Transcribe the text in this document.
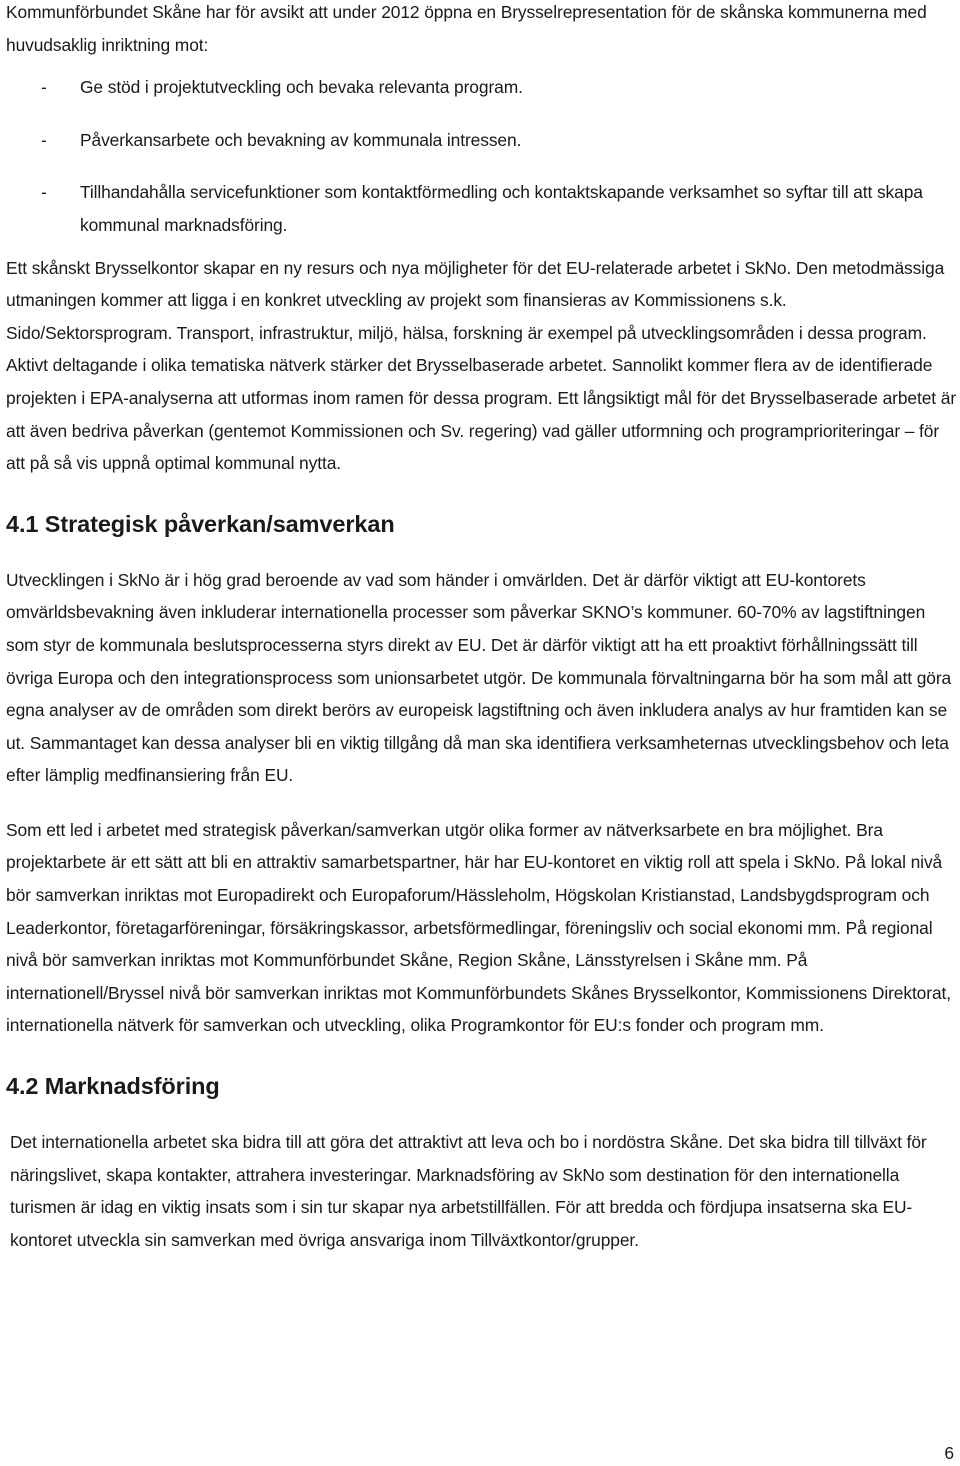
Kommunförbundet Skåne har för avsikt att under 2012 öppna en Brysselrepresentation för de skånska kommunerna med huvudsaklig inriktning mot:

- Ge stöd i projektutveckling och bevaka relevanta program.
- Påverkansarbete och bevakning av kommunala intressen.
- Tillhandahålla servicefunktioner som kontaktförmedling och kontaktskapande verksamhet so syftar till att skapa kommunal marknadsföring.

Ett skånskt Brysselkontor skapar en ny resurs och nya möjligheter för det EU-relaterade arbetet i SkNo. Den metodmässiga utmaningen kommer att ligga i en konkret utveckling av projekt som finansieras av Kommissionens s.k. Sido/Sektorsprogram. Transport, infrastruktur, miljö, hälsa, forskning är exempel på utvecklingsområden i dessa program. Aktivt deltagande i olika tematiska nätverk stärker det Brysselbaserade arbetet. Sannolikt kommer flera av de identifierade projekten i EPA-analyserna att utformas inom ramen för dessa program. Ett långsiktigt mål för det Brysselbaserade arbetet är att även bedriva påverkan (gentemot Kommissionen och Sv. regering) vad gäller utformning och programprioriteringar – för att på så vis uppnå optimal kommunal nytta.

4.1 Strategisk påverkan/samverkan

Utvecklingen i SkNo är i hög grad beroende av vad som händer i omvärlden. Det är därför viktigt att EU-kontorets omvärldsbevakning även inkluderar internationella processer som påverkar SKNO’s kommuner. 60-70% av lagstiftningen som styr de kommunala beslutsprocesserna styrs direkt av EU. Det är därför viktigt att ha ett proaktivt förhållningssätt till övriga Europa och den integrationsprocess som unionsarbetet utgör. De kommunala förvaltningarna bör ha som mål att göra egna analyser av de områden som direkt berörs av europeisk lagstiftning och även inkludera analys av hur framtiden kan se ut. Sammantaget kan dessa analyser bli en viktig tillgång då man ska identifiera verksamheternas utvecklingsbehov och leta efter lämplig medfinansiering från EU.

Som ett led i arbetet med strategisk påverkan/samverkan utgör olika former av nätverksarbete en bra möjlighet. Bra projektarbete är ett sätt att bli en attraktiv samarbetspartner, här har EU-kontoret en viktig roll att spela i SkNo. På lokal nivå bör samverkan inriktas mot Europadirekt och Europaforum/Hässleholm, Högskolan Kristianstad, Landsbygdsprogram och Leaderkontor, företagarföreningar, försäkringskassor, arbetsförmedlingar, föreningsliv och social ekonomi mm. På regional nivå bör samverkan inriktas mot Kommunförbundet Skåne, Region Skåne, Länsstyrelsen i Skåne mm. På internationell/Bryssel nivå bör samverkan inriktas mot Kommunförbundets Skånes Brysselkontor, Kommissionens Direktorat, internationella nätverk för samverkan och utveckling, olika Programkontor för EU:s fonder och program mm.

4.2 Marknadsföring

Det internationella arbetet ska bidra till att göra det attraktivt att leva och bo i nordöstra Skåne. Det ska bidra till tillväxt för näringslivet, skapa kontakter, attrahera investeringar. Marknadsföring av SkNo som destination för den internationella turismen är idag en viktig insats som i sin tur skapar nya arbetstillfällen. För att bredda och fördjupa insatserna ska EU-kontoret utveckla sin samverkan med övriga ansvariga inom Tillväxtkontor/grupper.

6
